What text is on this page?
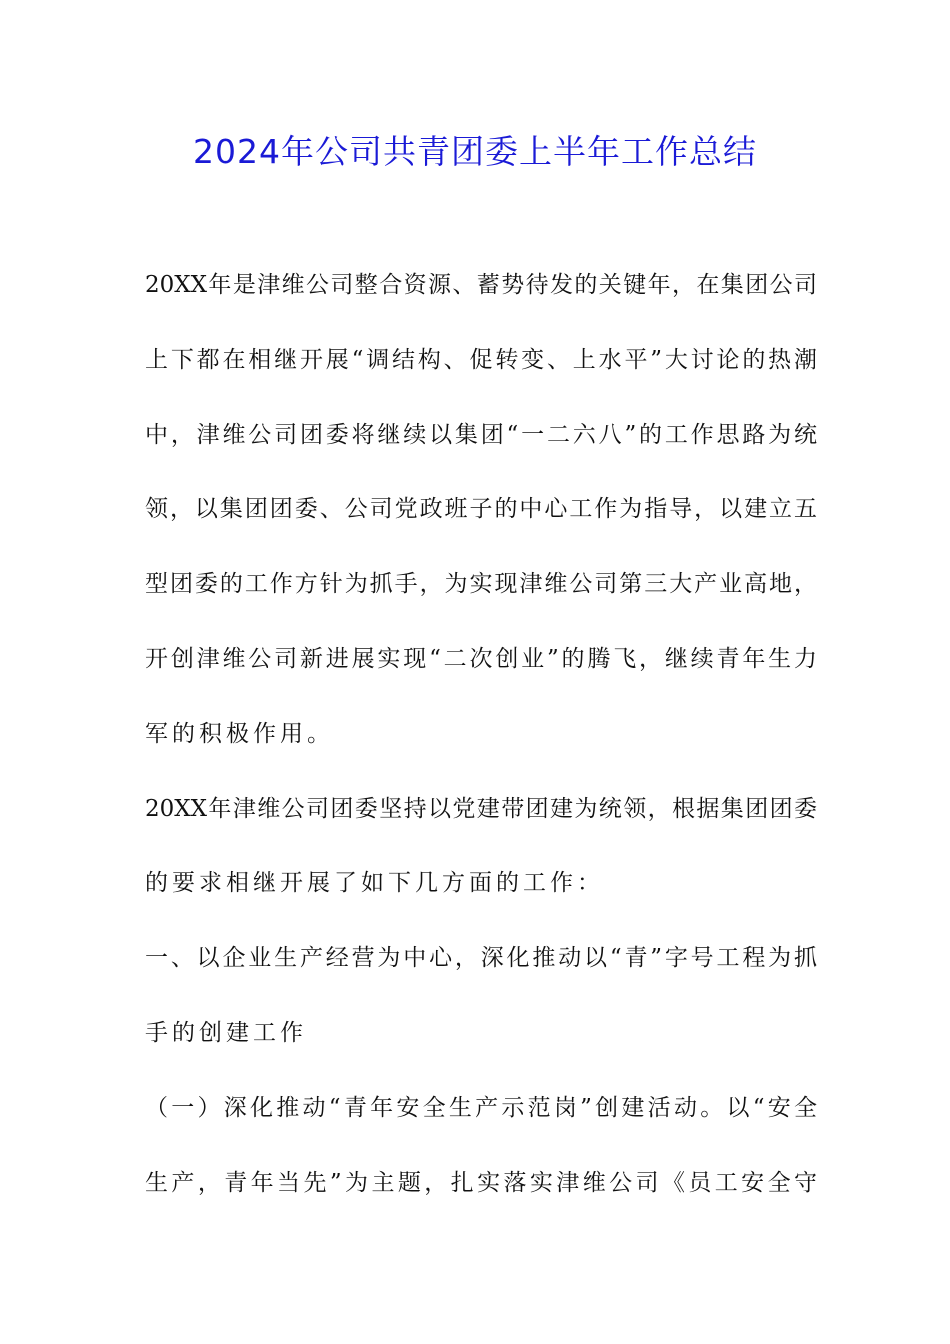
2024年公司共青团委上半年工作总结
20XX年是津维公司整合资源、蓄势待发的关键年，在集团公司
上下都在相继开展“调结构、促转变、上水平”大讨论的热潮
中，津维公司团委将继续以集团“一二六八”的工作思路为统
领，以集团团委、公司党政班子的中心工作为指导，以建立五
型团委的工作方针为抓手，为实现津维公司第三大产业高地，
开创津维公司新进展实现“二次创业”的腾飞，继续青年生力
军的积极作用。
20XX年津维公司团委坚持以党建带团建为统领，根据集团团委
的要求相继开展了如下几方面的工作：
一、以企业生产经营为中心，深化推动以“青”字号工程为抓
手的创建工作
（一）深化推动“青年安全生产示范岗”创建活动。以“安全
生产，青年当先”为主题，扎实落实津维公司《员工安全守
